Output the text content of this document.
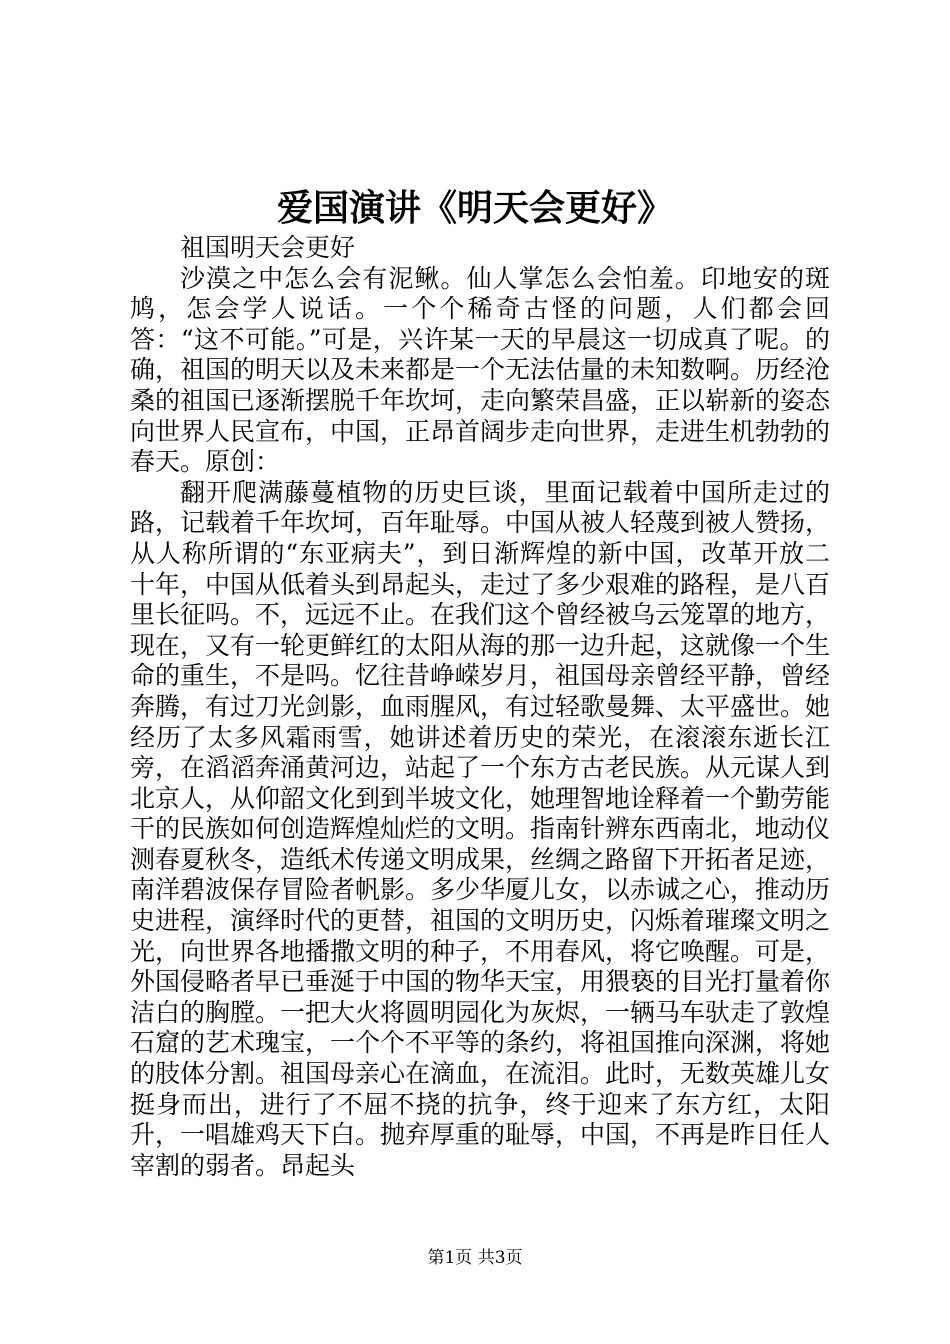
爱国演讲《明天会更好》

祖国明天会更好

沙漠之中怎么会有泥鳅。仙人掌怎么会怕羞。印地安的斑鸠，怎会学人说话。一个个稀奇古怪的问题，人们都会回答：“这不可能。”可是，兴许某一天的早晨这一切成真了呢。的确，祖国的明天以及未来都是一个无法估量的未知数啊。历经沧桑的祖国已逐渐摆脱千年坎坷，走向繁荣昌盛，正以崭新的姿态向世界人民宣布，中国，正昂首阔步走向世界，走进生机勃勃的春天。原创：

翻开爬满藤蔓植物的历史巨谈，里面记载着中国所走过的路，记载着千年坎坷，百年耻辱。中国从被人轻蔑到被人赞扬，从人称所谓的“东亚病夫”，到日渐辉煌的新中国，改革开放二十年，中国从低着头到昂起头，走过了多少艰难的路程，是八百里长征吗。不，远远不止。在我们这个曾经被乌云笼罩的地方，现在，又有一轮更鲜红的太阳从海的那一边升起，这就像一个生命的重生，不是吗。忆往昔峥嵘岁月，祖国母亲曾经平静，曾经奔腾，有过刀光剑影，血雨腥风，有过轻歌曼舞、太平盛世。她经历了太多风霜雨雪，她讲述着历史的荣光，在滚滚东逝长江旁，在滔滔奔涌黄河边，站起了一个东方古老民族。从元谋人到北京人，从仰韶文化到到半坡文化，她理智地诠释着一个勤劳能干的民族如何创造辉煌灿烂的文明。指南针辨东西南北，地动仪测春夏秋冬，造纸术传递文明成果，丝绸之路留下开拓者足迹，南洋碧波保存冒险者帆影。多少华厦儿女，以赤诚之心，推动历史进程，演绎时代的更替，祖国的文明历史，闪烁着璀璨文明之光，向世界各地播撒文明的种子，不用春风，将它唤醒。可是，外国侵略者早已垂涎于中国的物华天宝，用猥亵的目光打量着你洁白的胸膛。一把大火将圆明园化为灰烬，一辆马车驮走了敦煌石窟的艺术瑰宝，一个个不平等的条约，将祖国推向深渊，将她的肢体分割。祖国母亲心在滴血，在流泪。此时，无数英雄儿女挺身而出，进行了不屈不挠的抗争，终于迎来了东方红，太阳升，一唱雄鸡天下白。抛弃厚重的耻辱，中国，不再是昨日任人宰割的弱者。昂起头

第1页 共3页
